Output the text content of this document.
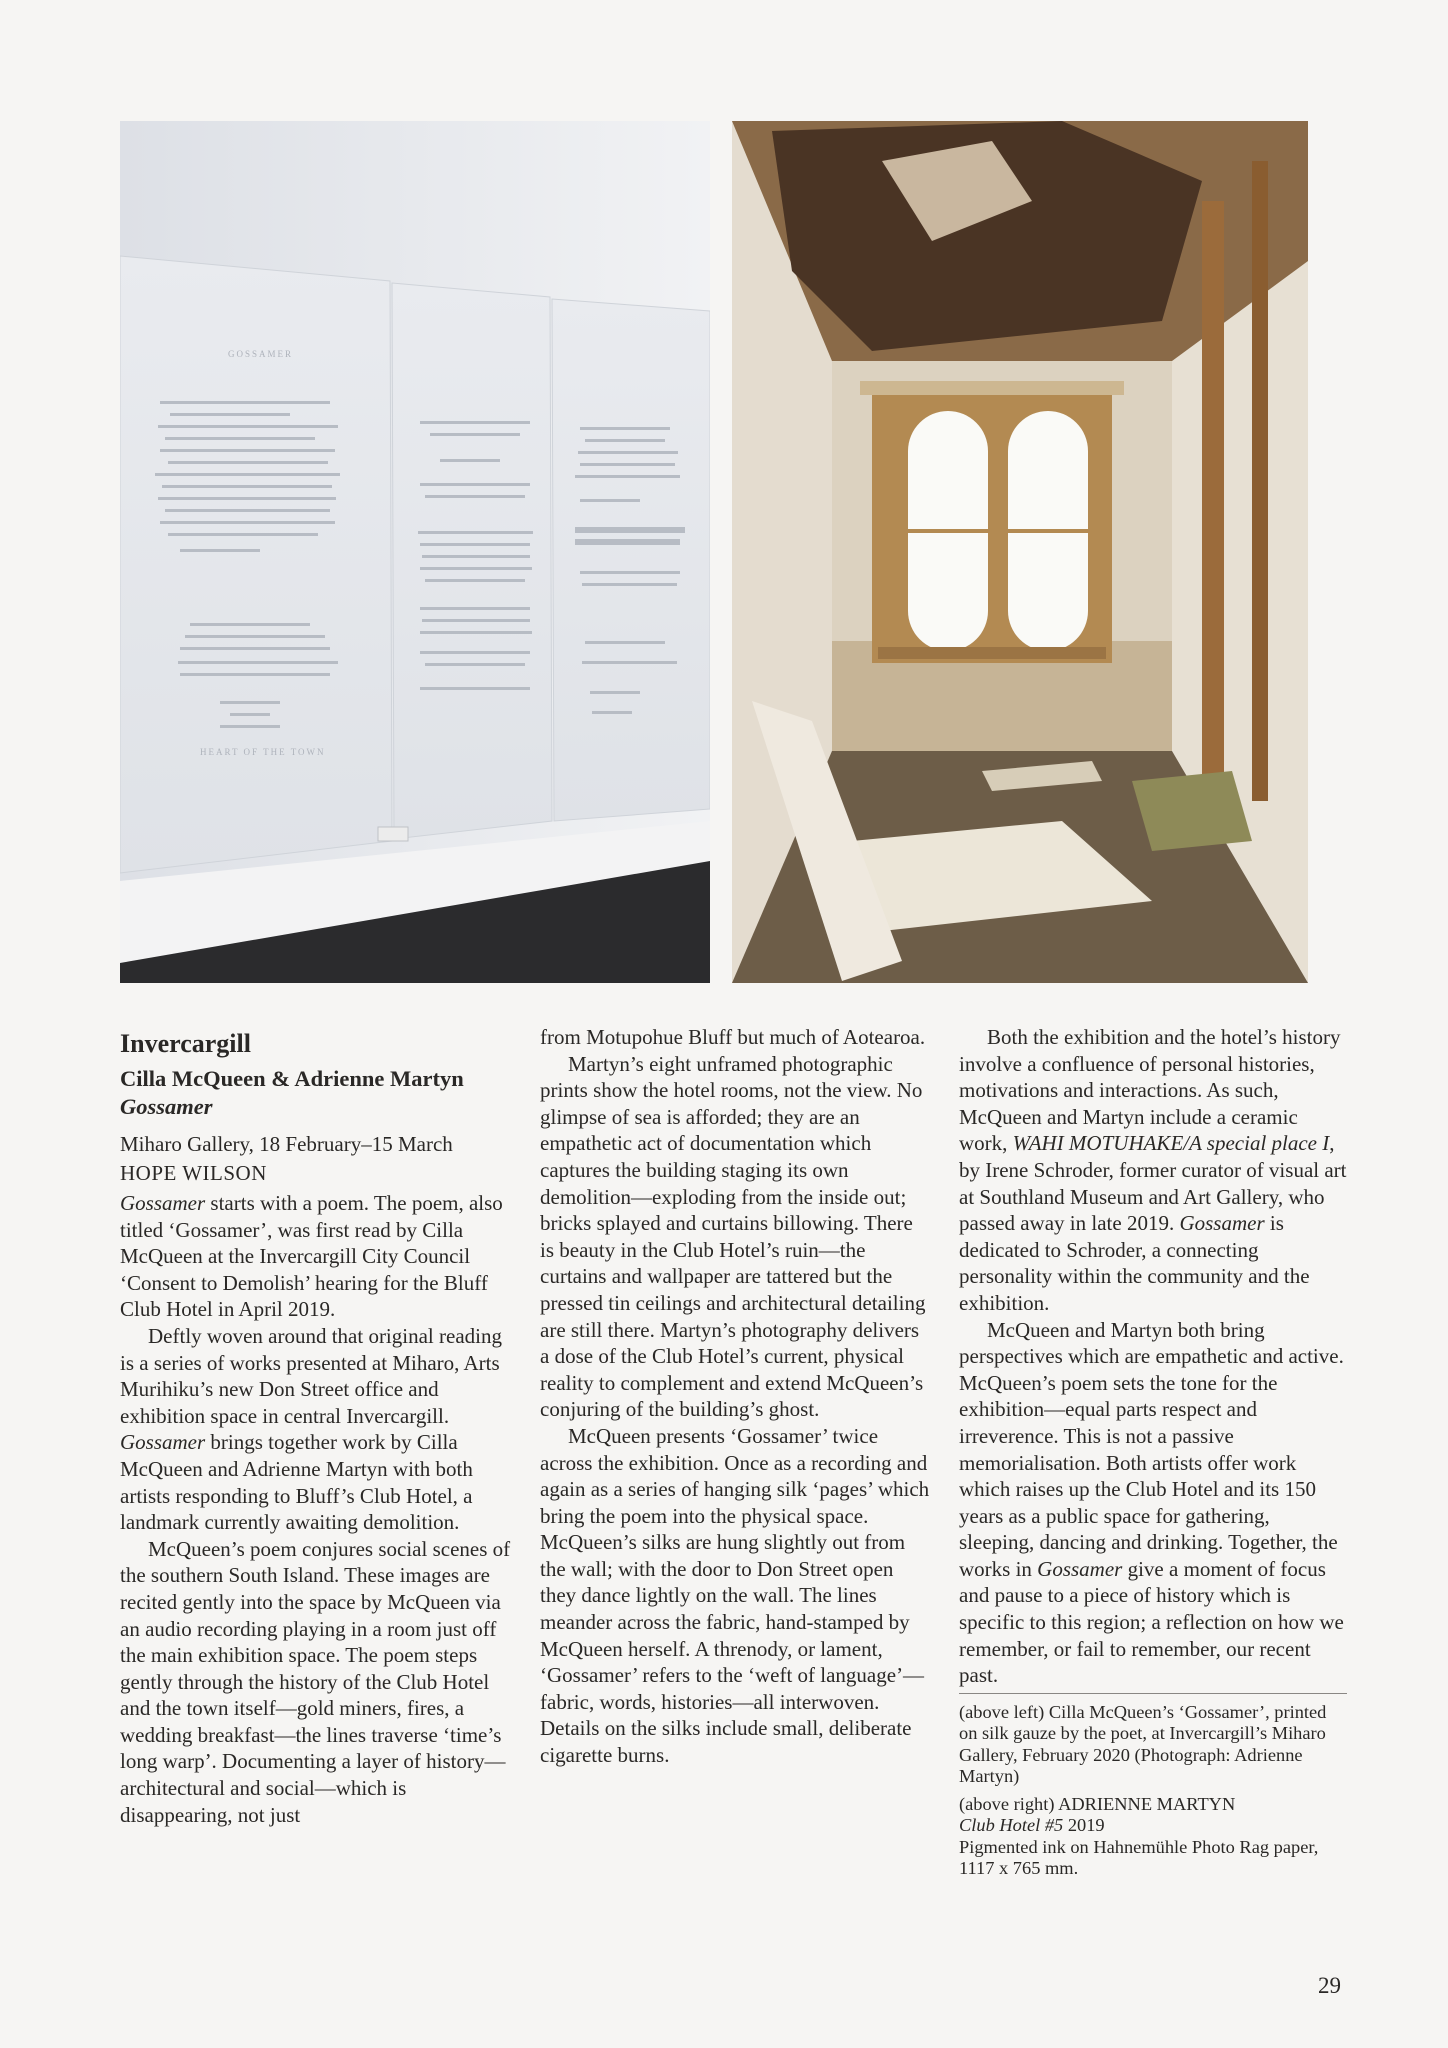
GOSSAMER
HEART OF THE TOWN
Invercargill
Cilla McQueen & Adrienne Martyn
Gossamer
Miharo Gallery, 18 February–15 March
HOPE WILSON

Gossamer starts with a poem. The poem, also titled ‘Gossamer’, was first read by Cilla McQueen at the Invercargill City Council ‘Consent to Demolish’ hearing for the Bluff Club Hotel in April 2019.

Deftly woven around that original reading is a series of works presented at Miharo, Arts Murihiku’s new Don Street office and exhibition space in central Invercargill. Gossamer brings together work by Cilla McQueen and Adrienne Martyn with both artists responding to Bluff’s Club Hotel, a landmark currently awaiting demolition.

McQueen’s poem conjures social scenes of the southern South Island. These images are recited gently into the space by McQueen via an audio recording playing in a room just off the main exhibition space. The poem steps gently through the history of the Club Hotel and the town itself—gold miners, fires, a wedding breakfast—the lines traverse ‘time’s long warp’. Documenting a layer of history—architectural and social—which is disappearing, not just

from Motupohue Bluff but much of Aotearoa.

Martyn’s eight unframed photographic prints show the hotel rooms, not the view. No glimpse of sea is afforded; they are an empathetic act of documentation which captures the building staging its own demolition—exploding from the inside out; bricks splayed and curtains billowing. There is beauty in the Club Hotel’s ruin—the curtains and wallpaper are tattered but the pressed tin ceilings and architectural detailing are still there. Martyn’s photography delivers a dose of the Club Hotel’s current, physical reality to complement and extend McQueen’s conjuring of the building’s ghost.

McQueen presents ‘Gossamer’ twice across the exhibition. Once as a recording and again as a series of hanging silk ‘pages’ which bring the poem into the physical space. McQueen’s silks are hung slightly out from the wall; with the door to Don Street open they dance lightly on the wall. The lines meander across the fabric, hand-stamped by McQueen herself. A threnody, or lament, ‘Gossamer’ refers to the ‘weft of language’—fabric, words, histories—all interwoven. Details on the silks include small, deliberate cigarette burns.

Both the exhibition and the hotel’s history involve a confluence of personal histories, motivations and interactions. As such, McQueen and Martyn include a ceramic work, WAHI MOTUHAKE/A special place I, by Irene Schroder, former curator of visual art at Southland Museum and Art Gallery, who passed away in late 2019. Gossamer is dedicated to Schroder, a connecting personality within the community and the exhibition.

McQueen and Martyn both bring perspectives which are empathetic and active. McQueen’s poem sets the tone for the exhibition—equal parts respect and irreverence. This is not a passive memorialisation. Both artists offer work which raises up the Club Hotel and its 150 years as a public space for gathering, sleeping, dancing and drinking. Together, the works in Gossamer give a moment of focus and pause to a piece of history which is specific to this region; a reflection on how we remember, or fail to remember, our recent past.

(above left) Cilla McQueen’s ‘Gossamer’, printed on silk gauze by the poet, at Invercargill’s Miharo Gallery, February 2020 (Photograph: Adrienne Martyn)
(above right) ADRIENNE MARTYN
Club Hotel #5 2019
Pigmented ink on Hahnemühle Photo Rag paper, 1117 x 765 mm.
29
